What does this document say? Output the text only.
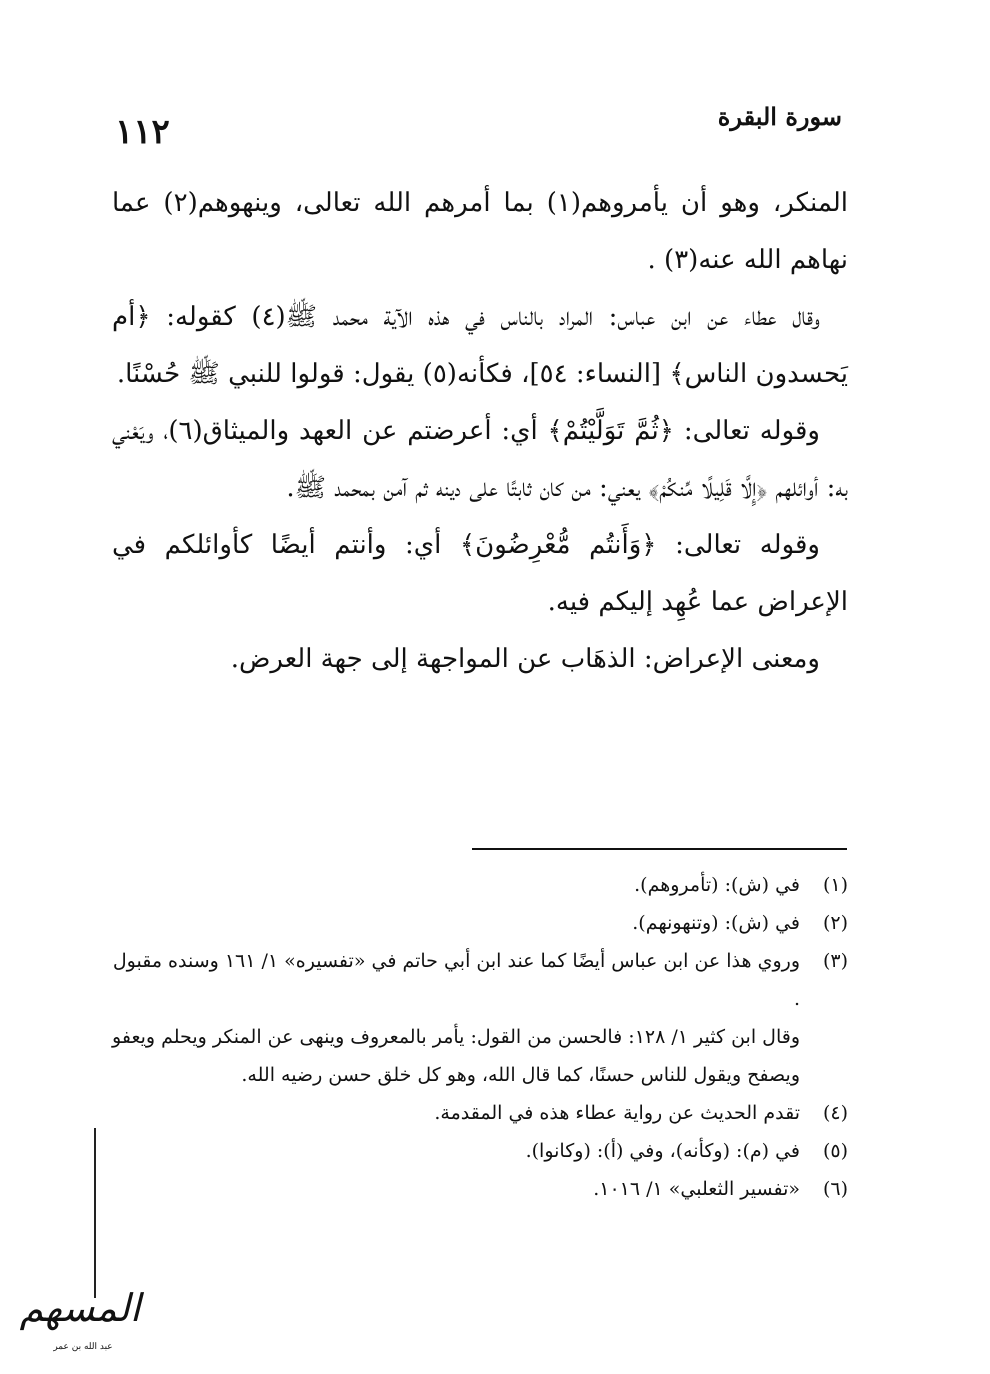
١١٢	سورة البقرة

المنكر، وهو أن يأمروهم(١) بما أمرهم الله تعالى، وينهوهم(٢) عما نهاهم الله عنه(٣) .

وقال عطاء عن ابن عباس: المراد بالناس في هذه الآية محمد ﷺ(٤) كقوله: ﴿أم يَحسدون الناس﴾ [النساء: ٥٤]، فكأنه(٥) يقول: قولوا للنبي ﷺ حُسْنًا.

وقوله تعالى: ﴿ثُمَّ تَوَلَّيْتُمْ﴾ أي: أعرضتم عن العهد والميثاق(٦)، ويَعْني به: أوائلهم ﴿إِلَّا قَلِيلًا مِّنكُمْ﴾ يعني: من كان ثابتًا على دينه ثم آمن بمحمد ﷺ.

وقوله تعالى: ﴿وَأَنتُم مُّعْرِضُونَ﴾ أي: وأنتم أيضًا كأوائلكم في الإعراض عما عُهِد إليكم فيه.

ومعنى الإعراض: الذهَاب عن المواجهة إلى جهة العرض.

(١)
في (ش): (تأمروهم).

(٢)
في (ش): (وتنهونهم).

(٣)
وروي هذا عن ابن عباس أيضًا كما عند ابن أبي حاتم في «تفسيره» ١/ ١٦١ وسنده مقبول .

وقال ابن كثير ١/ ١٢٨: فالحسن من القول: يأمر بالمعروف وينهى عن المنكر ويحلم ويعفو ويصفح ويقول للناس حسنًا، كما قال الله، وهو كل خلق حسن رضيه الله.

(٤)
تقدم الحديث عن رواية عطاء هذه في المقدمة.

(٥)
في (م): (وكأنه)، وفي (أ): (وكانوا).

(٦)
«تفسير الثعلبي» ١/ ١٠١٦.

المسهم
عبد الله بن عمر
